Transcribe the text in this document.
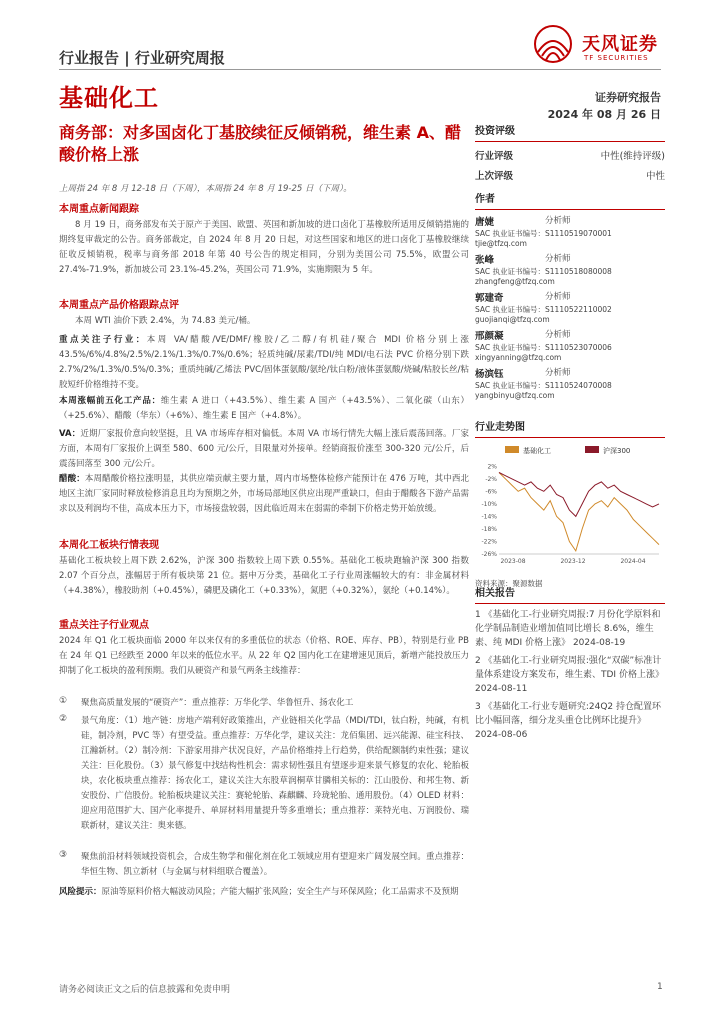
行业报告 | 行业研究周报
基础化工
天风证券
TF SECURITIES
证券研究报告
2024 年 08 月 26 日
商务部：对多国卤化丁基胶续征反倾销税，维生素 A、醋酸价格上涨
上周指 24 年 8 月 12-18 日（下周），本周指 24 年 8 月 19-25 日（下周）。
本周重点新闻跟踪
8 月 19 日，商务部发布关于原产于美国、欧盟、英国和新加坡的进口卤化丁基橡胶所适用反倾销措施的期终复审裁定的公告。商务部裁定，自 2024 年 8 月 20 日起，对这些国家和地区的进口卤化丁基橡胶继续征收反倾销税，税率与商务部 2018 年第 40 号公告的规定相同，分别为美国公司 75.5%，欧盟公司 27.4%-71.9%，新加坡公司 23.1%-45.2%，英国公司 71.9%，实施期限为 5 年。
本周重点产品价格跟踪点评
本周 WTI 油价下跌 2.4%，为 74.83 美元/桶。
重点关注子行业：本周 VA/醋酸/VE/DMF/橡胶/乙二醇/有机硅/聚合 MDI 价格分别上涨 43.5%/6%/4.8%/2.5%/2.1%/1.3%/0.7%/0.6%；轻质纯碱/尿素/TDI/纯 MDI/电石法 PVC 价格分别下跌 2.7%/2%/1.3%/0.5%/0.3%；重质纯碱/乙烯法 PVC/固体蛋氨酸/氨纶/钛白粉/液体蛋氨酸/烧碱/粘胶长丝/粘胶短纤价格维持不变。
本周涨幅前五化工产品：维生素 A 进口（+43.5%）、维生素 A 国产（+43.5%）、二氧化碳（山东）（+25.6%）、醋酸（华东）（+6%）、维生素 E 国产（+4.8%）。
VA：近期厂家报价意向较坚挺，且 VA 市场库存相对偏低。本周 VA 市场行情先大幅上涨后震荡回落。厂家方面，本周有厂家报价上调至 580、600 元/公斤，目限量对外接单。经销商报价涨至 300-320 元/公斤，后震荡回落至 300 元/公斤。
醋酸：本周醋酸价格拉涨明显，其供应端贡献主要力量，周内市场整体检修产能预计在 476 万吨，其中西北地区主流厂家同时释放检修消息且均为预期之外，市场局部地区供应出现严重缺口，但由于醋酸各下游产品需求以及利润均不佳，高成本压力下，市场接盘较弱，因此临近周末在弱需的牵制下价格走势开始放缓。
本周化工板块行情表现
基础化工板块较上周下跌 2.62%，沪深 300 指数较上周下跌 0.55%。基础化工板块跑输沪深 300 指数 2.07 个百分点，涨幅居于所有板块第 21 位。据申万分类，基础化工子行业周涨幅较大的有：非金属材料（+4.38%），橡胶助剂（+0.45%），磷肥及磷化工（+0.33%），氮肥（+0.32%），氨纶（+0.14%）。
重点关注子行业观点
2024 年 Q1 化工板块面临 2000 年以来仅有的多重低位的状态（价格、ROE、库存、PB），特别是行业 PB 在 24 年 Q1 已经跌至 2000 年以来的低位水平。从 22 年 Q2 国内化工在建增速见顶后，新增产能投放压力抑制了化工板块的盈利预期。我们从硬资产和景气两条主线推荐：
① 聚焦高质量发展的“硬资产”：重点推荐：万华化学、华鲁恒升、扬农化工
② 景气角度：（1）地产链：房地产端利好政策推出，产业链相关化学品（MDI/TDI，钛白粉，纯碱，有机硅，制冷剂，PVC 等）有望受益。重点推荐：万华化学，建议关注：龙佰集团、远兴能源、硅宝科技、江瀚新材。（2）制冷剂：下游家用排产状况良好，产品价格维持上行趋势，供给配额制约束性强；建议关注：巨化股份。（3）景气修复中找结构性机会：需求韧性强且有望逐步迎来景气修复的农化、轮胎板块，农化板块重点推荐：扬农化工，建议关注大东股草润桐草甘膦相关标的：江山股份、和邦生物、新安股份、广信股份。轮胎板块建议关注：赛轮轮胎、森麒麟、玲珑轮胎、通用股份。（4）OLED 材料：迎应用范围扩大、国产化率提升、单屏材料用量提升等多重增长；重点推荐：莱特光电、万润股份、瑞联新材，建议关注：奥来德。
③ 聚焦前沿材料领域投资机会，合成生物学和催化剂在化工领域应用有望迎来广阔发展空间。重点推荐：华恒生物、凯立新材（与金属与材料组联合覆盖）。
风险提示：原油等原料价格大幅波动风险；产能大幅扩张风险；安全生产与环保风险；化工品需求不及预期
投资评级
行业评级	中性(维持评级)
上次评级	中性
作者
唐婕	分析师
SAC 执业证书编号：S1110519070001
tjie@tfzq.com
张峰	分析师
SAC 执业证书编号：S1110518080008
zhangfeng@tfzq.com
郭建奇	分析师
SAC 执业证书编号：S1110522110002
guojianqi@tfzq.com
邢颜凝	分析师
SAC 执业证书编号：S1110523070006
xingyanning@tfzq.com
杨滨钰	分析师
SAC 执业证书编号：S1110524070008
yangbinyu@tfzq.com
行业走势图
基础化工	沪深300
2%
-2%
-6%
-10%
-14%
-18%
-22%
-26%
2023-08	2023-12	2024-04
资料来源：聚源数据
相关报告
1 《基础化工-行业研究周报:7 月份化学原料和化学制品制造业增加值同比增长 8.6%，维生素、纯 MDI 价格上涨》 2024-08-19
2 《基础化工-行业研究周报:强化“双碳”标准计量体系建设方案发布，维生素、TDI 价格上涨》 2024-08-11
3 《基础化工-行业专题研究:24Q2 持仓配置环比小幅回落，细分龙头重仓比例环比提升》 2024-08-06
请务必阅读正文之后的信息披露和免责申明	1
